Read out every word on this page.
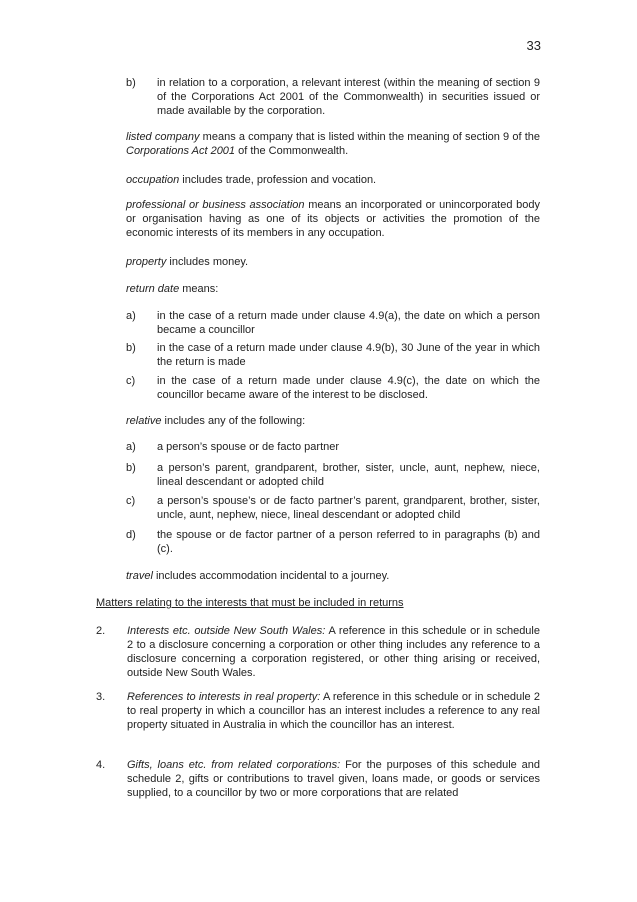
33
b) in relation to a corporation, a relevant interest (within the meaning of section 9 of the Corporations Act 2001 of the Commonwealth) in securities issued or made available by the corporation.
listed company means a company that is listed within the meaning of section 9 of the Corporations Act 2001 of the Commonwealth.
occupation includes trade, profession and vocation.
professional or business association means an incorporated or unincorporated body or organisation having as one of its objects or activities the promotion of the economic interests of its members in any occupation.
property includes money.
return date means:
a) in the case of a return made under clause 4.9(a), the date on which a person became a councillor
b) in the case of a return made under clause 4.9(b), 30 June of the year in which the return is made
c) in the case of a return made under clause 4.9(c), the date on which the councillor became aware of the interest to be disclosed.
relative includes any of the following:
a) a person’s spouse or de facto partner
b) a person’s parent, grandparent, brother, sister, uncle, aunt, nephew, niece, lineal descendant or adopted child
c) a person’s spouse’s or de facto partner’s parent, grandparent, brother, sister, uncle, aunt, nephew, niece, lineal descendant or adopted child
d) the spouse or de factor partner of a person referred to in paragraphs (b) and (c).
travel includes accommodation incidental to a journey.
Matters relating to the interests that must be included in returns
2. Interests etc. outside New South Wales: A reference in this schedule or in schedule 2 to a disclosure concerning a corporation or other thing includes any reference to a disclosure concerning a corporation registered, or other thing arising or received, outside New South Wales.
3. References to interests in real property: A reference in this schedule or in schedule 2 to real property in which a councillor has an interest includes a reference to any real property situated in Australia in which the councillor has an interest.
4. Gifts, loans etc. from related corporations: For the purposes of this schedule and schedule 2, gifts or contributions to travel given, loans made, or goods or services supplied, to a councillor by two or more corporations that are related
